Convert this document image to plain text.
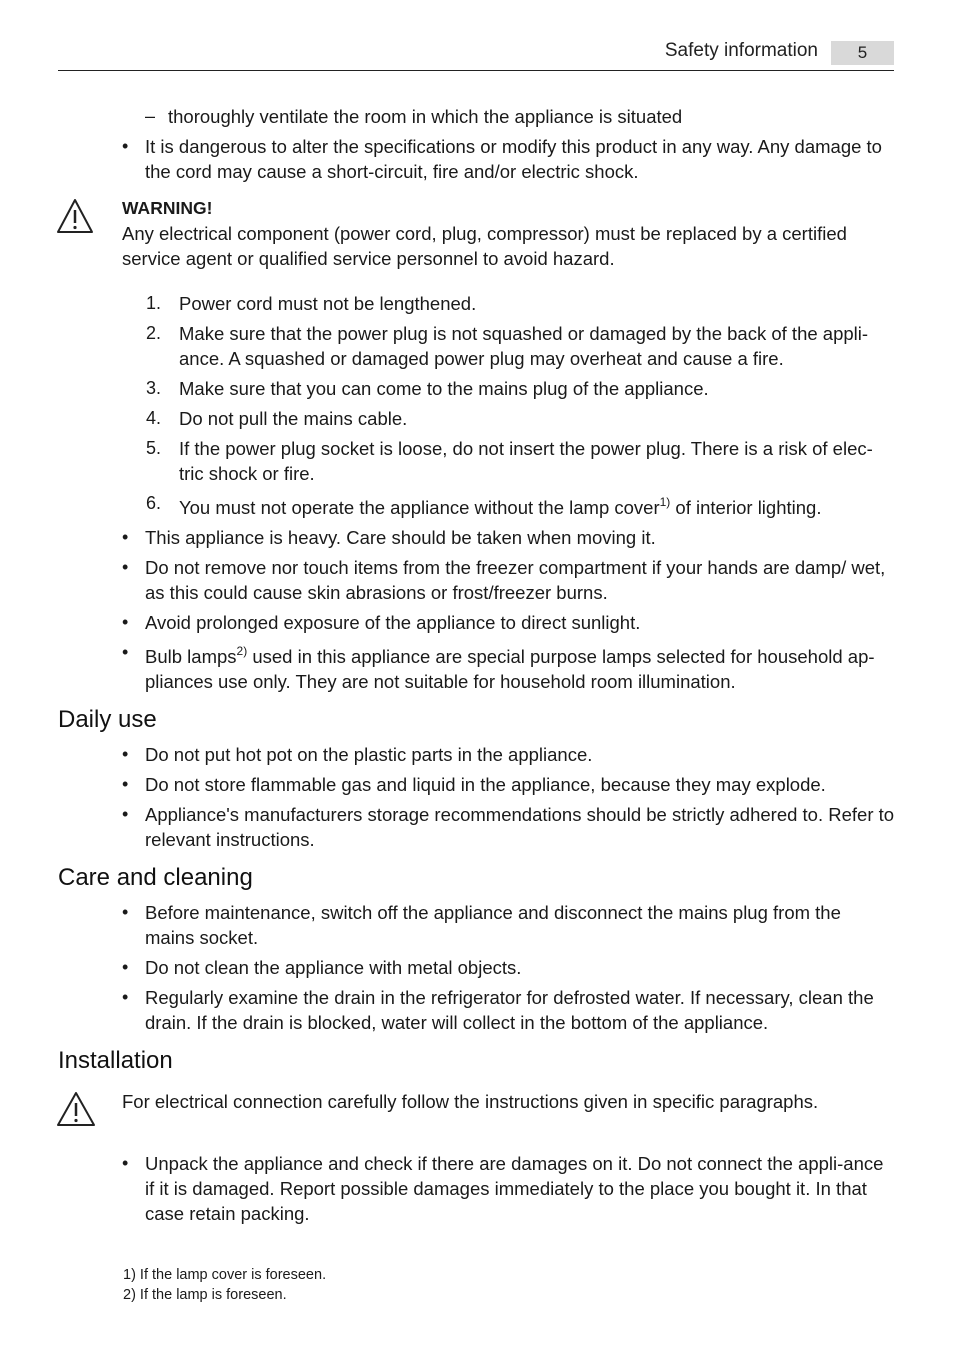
Safety information	5
– thoroughly ventilate the room in which the appliance is situated
• It is dangerous to alter the specifications or modify this product in any way. Any damage to the cord may cause a short-circuit, fire and/or electric shock.
WARNING!
Any electrical component (power cord, plug, compressor) must be replaced by a certified service agent or qualified service personnel to avoid hazard.
1. Power cord must not be lengthened.
2. Make sure that the power plug is not squashed or damaged by the back of the appli-ance. A squashed or damaged power plug may overheat and cause a fire.
3. Make sure that you can come to the mains plug of the appliance.
4. Do not pull the mains cable.
5. If the power plug socket is loose, do not insert the power plug. There is a risk of elec-tric shock or fire.
6. You must not operate the appliance without the lamp cover$^{1)}$ of interior lighting.
• This appliance is heavy. Care should be taken when moving it.
• Do not remove nor touch items from the freezer compartment if your hands are damp/ wet, as this could cause skin abrasions or frost/freezer burns.
• Avoid prolonged exposure of the appliance to direct sunlight.
• Bulb lamps$^{2)}$ used in this appliance are special purpose lamps selected for household ap-pliances use only. They are not suitable for household room illumination.
Daily use
• Do not put hot pot on the plastic parts in the appliance.
• Do not store flammable gas and liquid in the appliance, because they may explode.
• Appliance's manufacturers storage recommendations should be strictly adhered to. Refer to relevant instructions.
Care and cleaning
• Before maintenance, switch off the appliance and disconnect the mains plug from the mains socket.
• Do not clean the appliance with metal objects.
• Regularly examine the drain in the refrigerator for defrosted water. If necessary, clean the drain. If the drain is blocked, water will collect in the bottom of the appliance.
Installation
For electrical connection carefully follow the instructions given in specific paragraphs.
• Unpack the appliance and check if there are damages on it. Do not connect the appli-ance if it is damaged. Report possible damages immediately to the place you bought it. In that case retain packing.
1) If the lamp cover is foreseen.
2) If the lamp is foreseen.
